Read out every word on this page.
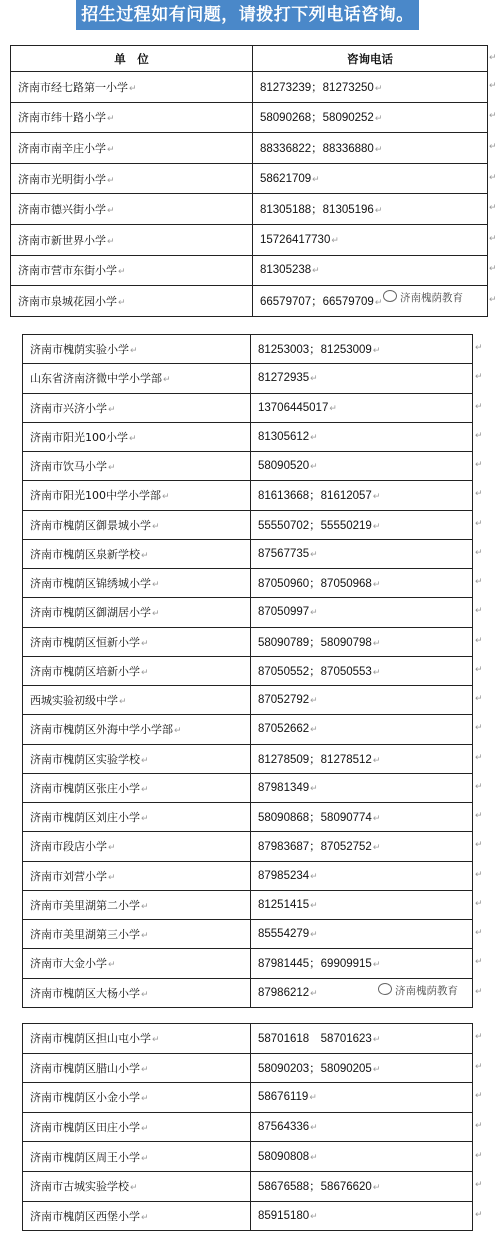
招生过程如有问题，请拨打下列电话咨询。
单　位	咨询电话
济南市经七路第一小学↵	81273239；81273250↵
济南市纬十路小学↵	58090268；58090252↵
济南市南辛庄小学↵	88336822；88336880↵
济南市光明街小学↵	58621709↵
济南市德兴街小学↵	81305188；81305196↵
济南市新世界小学↵	15726417730↵
济南市营市东街小学↵	81305238↵
济南市泉城花园小学↵	66579707；66579709↵
济南市槐荫实验小学↵	81253003；81253009↵
山东省济南济微中学小学部↵	81272935↵
济南市兴济小学↵	13706445017↵
济南市阳光100小学↵	81305612↵
济南市饮马小学↵	58090520↵
济南市阳光100中学小学部↵	81613668；81612057↵
济南市槐荫区御景城小学↵	55550702；55550219↵
济南市槐荫区泉新学校↵	87567735↵
济南市槐荫区锦绣城小学↵	87050960；87050968↵
济南市槐荫区御湖居小学↵	87050997↵
济南市槐荫区恒新小学↵	58090789；58090798↵
济南市槐荫区培新小学↵	87050552；87050553↵
西城实验初级中学↵	87052792↵
济南市槐荫区外海中学小学部↵	87052662↵
济南市槐荫区实验学校↵	81278509；81278512↵
济南市槐荫区张庄小学↵	87981349↵
济南市槐荫区刘庄小学↵	58090868；58090774↵
济南市段店小学↵	87983687；87052752↵
济南市刘营小学↵	87985234↵
济南市美里湖第二小学↵	81251415↵
济南市美里湖第三小学↵	85554279↵
济南市大金小学↵	87981445；69909915↵
济南市槐荫区大杨小学↵	87986212↵
济南市槐荫区担山屯小学↵	58701618　58701623↵
济南市槐荫区腊山小学↵	58090203；58090205↵
济南市槐荫区小金小学↵	58676119↵
济南市槐荫区田庄小学↵	87564336↵
济南市槐荫区周王小学↵	58090808↵
济南市古城实验学校↵	58676588；58676620↵
济南市槐荫区西堡小学↵	85915180↵
济南槐荫教育
济南槐荫教育
↵
↵
↵
↵
↵
↵
↵
↵
↵
↵
↵
↵
↵
↵
↵
↵
↵
↵
↵
↵
↵
↵
↵
↵
↵
↵
↵
↵
↵
↵
↵
↵
↵
↵
↵
↵
↵
↵
↵
